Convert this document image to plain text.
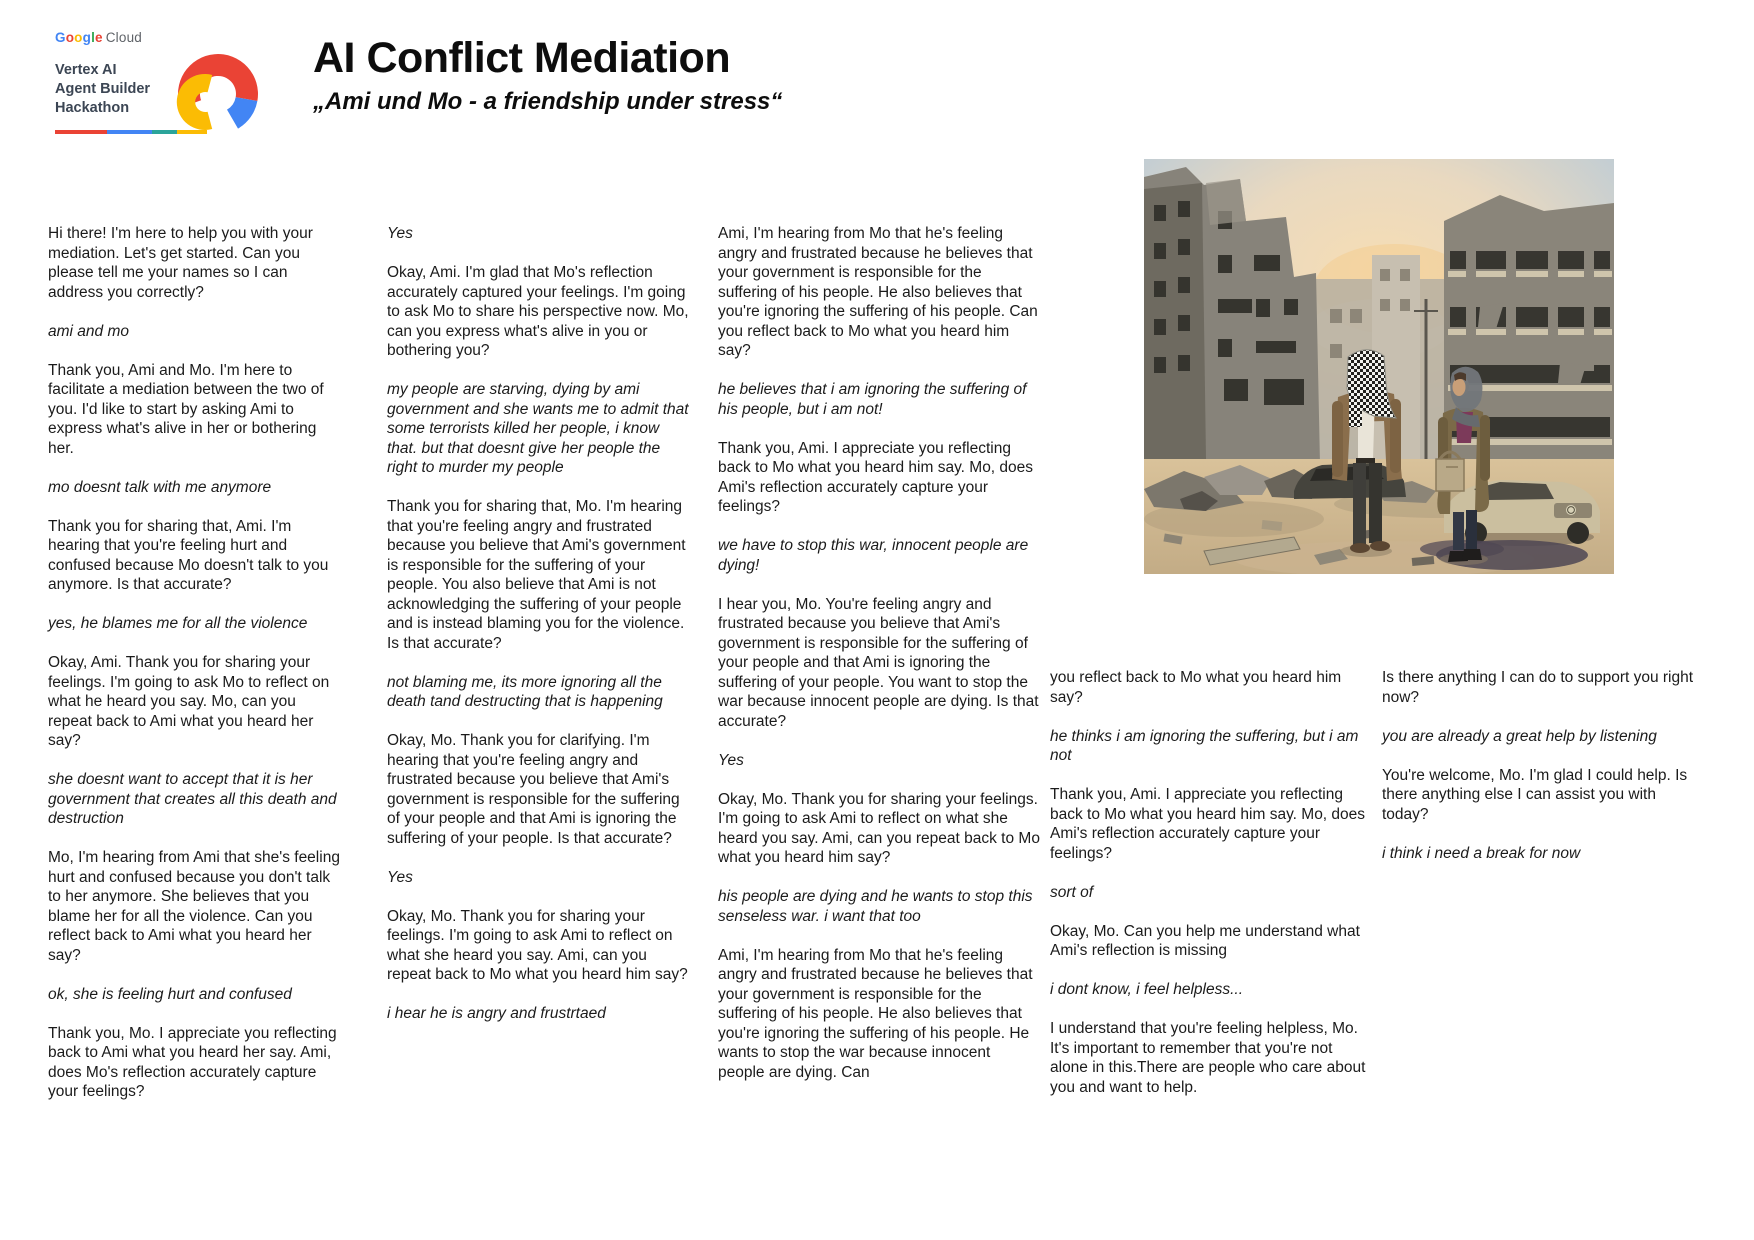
Google Cloud
Vertex AI
Agent Builder
Hackathon
AI Conflict Mediation
„Ami und Mo - a friendship under stress“

Hi there! I'm here to help you with your mediation. Let's get started. Can you please tell me your names so I can address you correctly?

ami and mo

Thank you, Ami and Mo. I'm here to facilitate a mediation between the two of you. I'd like to start by asking Ami to express what's alive in her or bothering her.

mo doesnt talk with me anymore

Thank you for sharing that, Ami. I'm hearing that you're feeling hurt and confused because Mo doesn't talk to you anymore. Is that accurate?

yes, he blames me for all the violence

Okay, Ami. Thank you for sharing your feelings. I'm going to ask Mo to reflect on what he heard you say. Mo, can you repeat back to Ami what you heard her say?

she doesnt want to accept that it is her government that creates all this death and destruction

Mo, I'm hearing from Ami that she's feeling hurt and confused because you don't talk to her anymore. She believes that you blame her for all the violence. Can you reflect back to Ami what you heard her say?

ok, she is feeling hurt and confused

Thank you, Mo. I appreciate you reflecting back to Ami what you heard her say. Ami, does Mo's reflection accurately capture your feelings?

Yes

Okay, Ami. I'm glad that Mo's reflection accurately captured your feelings. I'm going to ask Mo to share his perspective now. Mo, can you express what's alive in you or bothering you?

my people are starving, dying by ami government and she wants me to admit that some terrorists killed her people, i know that. but that doesnt give her people the right to murder my people

Thank you for sharing that, Mo. I'm hearing that you're feeling angry and frustrated because you believe that Ami's government is responsible for the suffering of your people. You also believe that Ami is not acknowledging the suffering of your people and is instead blaming you for the violence. Is that accurate?

not blaming me, its more ignoring all the death tand destructing that is happening

Okay, Mo. Thank you for clarifying. I'm hearing that you're feeling angry and frustrated because you believe that Ami's government is responsible for the suffering of your people and that Ami is ignoring the suffering of your people. Is that accurate?

Yes

Okay, Mo. Thank you for sharing your feelings. I'm going to ask Ami to reflect on what she heard you say. Ami, can you repeat back to Mo what you heard him say?

i hear he is angry and frustrtaed

Ami, I'm hearing from Mo that he's feeling angry and frustrated because he believes that your government is responsible for the suffering of his people. He also believes that you're ignoring the suffering of his people. Can you reflect back to Mo what you heard him say?

he believes that i am ignoring the suffering of his people, but i am not!

Thank you, Ami. I appreciate you reflecting back to Mo what you heard him say. Mo, does Ami's reflection accurately capture your feelings?

we have to stop this war, innocent people are dying!

I hear you, Mo. You're feeling angry and frustrated because you believe that Ami's government is responsible for the suffering of your people and that Ami is ignoring the suffering of your people. You want to stop the war because innocent people are dying. Is that accurate?

Yes

Okay, Mo. Thank you for sharing your feelings. I'm going to ask Ami to reflect on what she heard you say. Ami, can you repeat back to Mo what you heard him say?

his people are dying and he wants to stop this senseless war. i want that too

Ami, I'm hearing from Mo that he's feeling angry and frustrated because he believes that your government is responsible for the suffering of his people. He also believes that you're ignoring the suffering of his people. He wants to stop the war because innocent people are dying. Can

you reflect back to Mo what you heard him say?

he thinks i am ignoring the suffering, but i am not

Thank you, Ami. I appreciate you reflecting back to Mo what you heard him say. Mo, does Ami's reflection accurately capture your feelings?

sort of

Okay, Mo. Can you help me understand what Ami's reflection is missing

i dont know, i feel helpless...

I understand that you're feeling helpless, Mo. It's important to remember that you're not alone in this.There are people who care about you and want to help.

Is there anything I can do to support you right now?

you are already a great help by listening

You're welcome, Mo. I'm glad I could help. Is there anything else I can assist you with today?

i think i need a break for now
